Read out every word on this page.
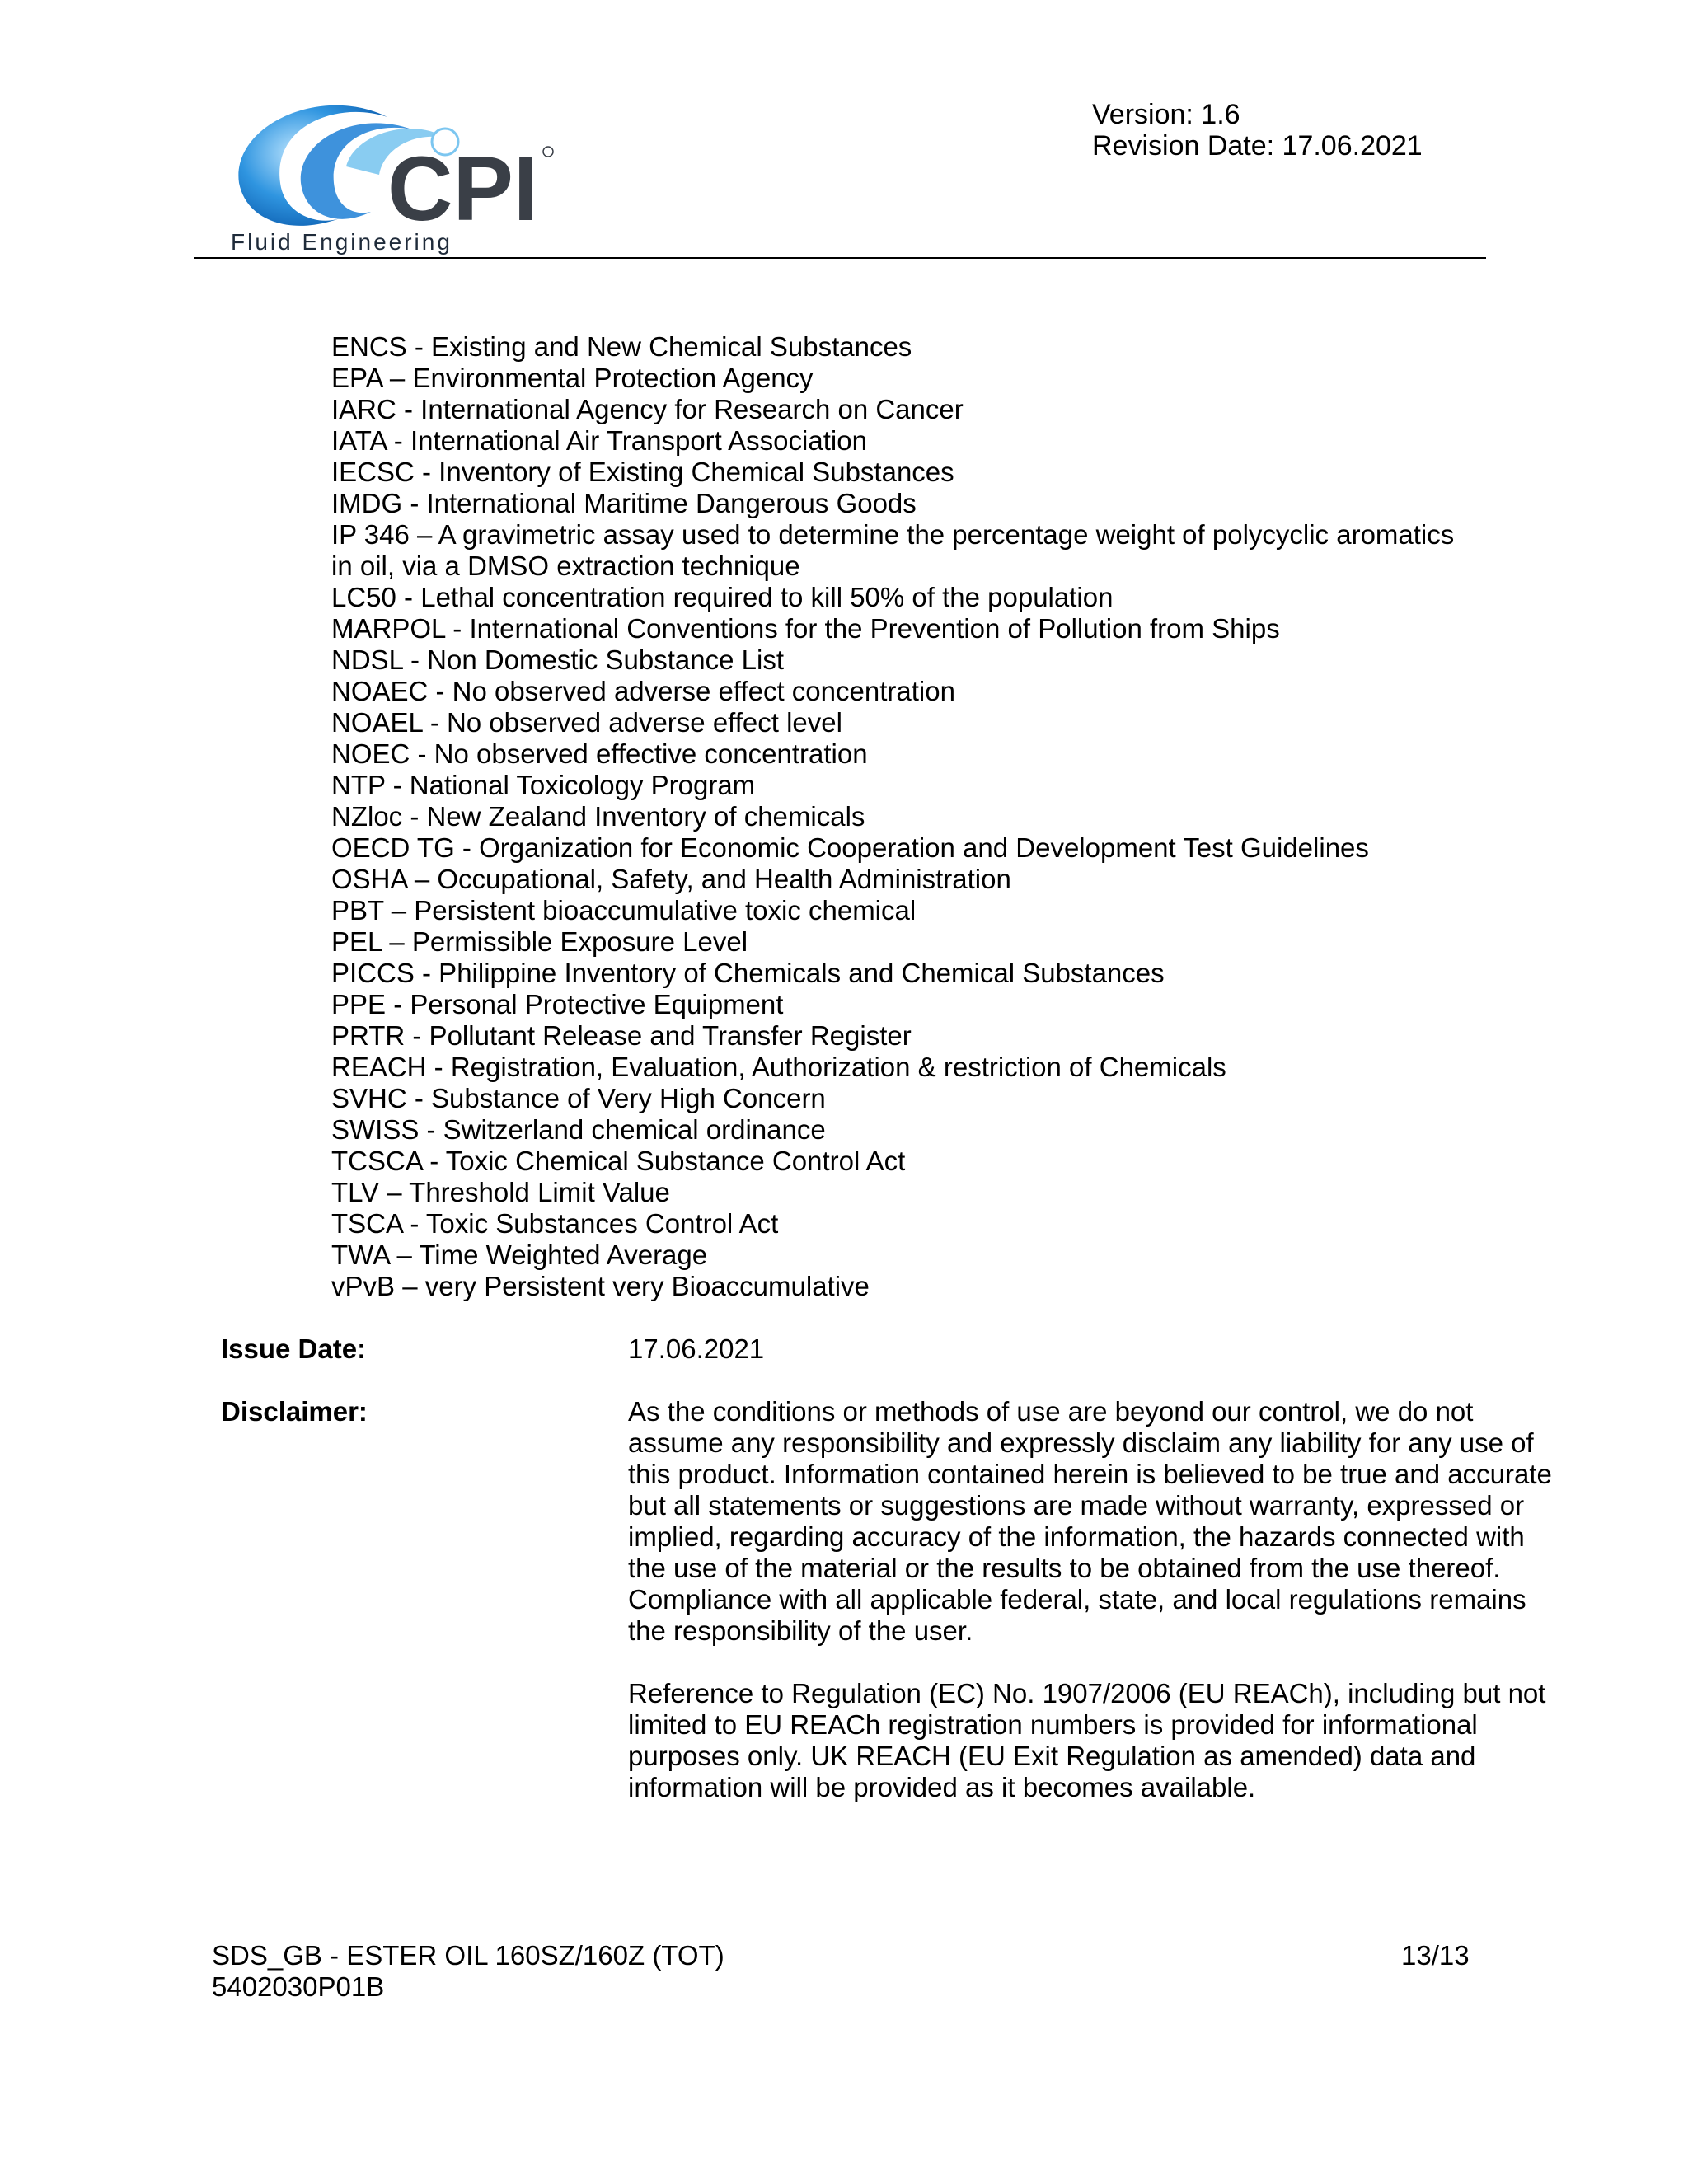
CPI
Fluid Engineering
Version: 1.6
Revision Date: 17.06.2021
ENCS - Existing and New Chemical Substances
EPA – Environmental Protection Agency
IARC - International Agency for Research on Cancer
IATA - International Air Transport Association
IECSC - Inventory of Existing Chemical Substances
IMDG - International Maritime Dangerous Goods
IP 346 – A gravimetric assay used to determine the percentage weight of polycyclic aromatics
in oil, via a DMSO extraction technique
LC50 - Lethal concentration required to kill 50% of the population
MARPOL - International Conventions for the Prevention of Pollution from Ships
NDSL - Non Domestic Substance List
NOAEC - No observed adverse effect concentration
NOAEL - No observed adverse effect level
NOEC - No observed effective concentration
NTP - National Toxicology Program
NZloc - New Zealand Inventory of chemicals
OECD TG - Organization for Economic Cooperation and Development Test Guidelines
OSHA – Occupational, Safety, and Health Administration
PBT – Persistent bioaccumulative toxic chemical
PEL – Permissible Exposure Level
PICCS - Philippine Inventory of Chemicals and Chemical Substances
PPE - Personal Protective Equipment
PRTR - Pollutant Release and Transfer Register
REACH - Registration, Evaluation, Authorization & restriction of Chemicals
SVHC - Substance of Very High Concern
SWISS - Switzerland chemical ordinance
TCSCA - Toxic Chemical Substance Control Act
TLV – Threshold Limit Value
TSCA - Toxic Substances Control Act
TWA – Time Weighted Average
vPvB – very Persistent very Bioaccumulative
Issue Date:	17.06.2021
Disclaimer:	As the conditions or methods of use are beyond our control, we do not assume any responsibility and expressly disclaim any liability for any use of this product. Information contained herein is believed to be true and accurate but all statements or suggestions are made without warranty, expressed or implied, regarding accuracy of the information, the hazards connected with the use of the material or the results to be obtained from the use thereof. Compliance with all applicable federal, state, and local regulations remains the responsibility of the user.

Reference to Regulation (EC) No. 1907/2006 (EU REACh), including but not limited to EU REACh registration numbers is provided for informational purposes only. UK REACH (EU Exit Regulation as amended) data and information will be provided as it becomes available.

SDS_GB - ESTER OIL 160SZ/160Z (TOT)
5402030P01B
13/13
